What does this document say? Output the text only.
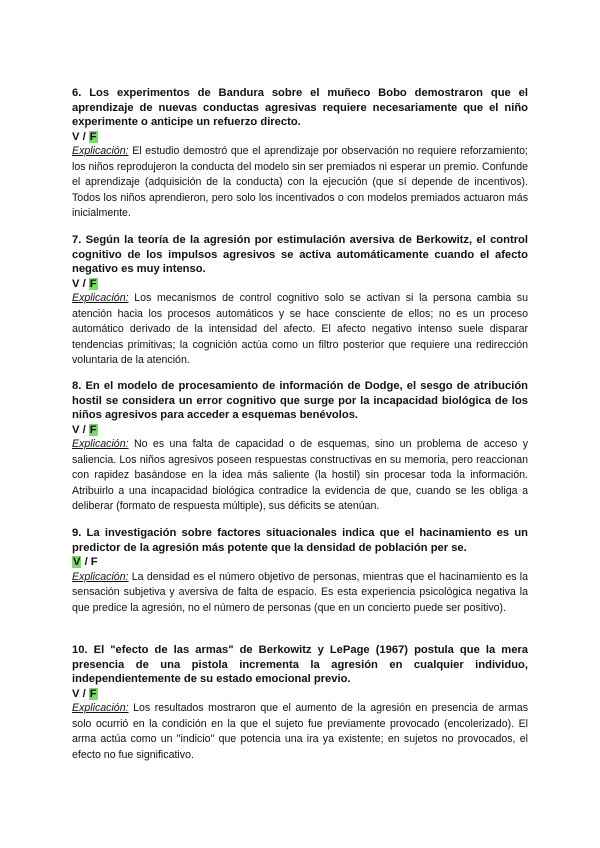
6. Los experimentos de Bandura sobre el muñeco Bobo demostraron que el aprendizaje de nuevas conductas agresivas requiere necesariamente que el niño experimente o anticipe un refuerzo directo.

V / F

Explicación: El estudio demostró que el aprendizaje por observación no requiere reforzamiento; los niños reprodujeron la conducta del modelo sin ser premiados ni esperar un premio. Confunde el aprendizaje (adquisición de la conducta) con la ejecución (que sí depende de incentivos). Todos los niños aprendieron, pero solo los incentivados o con modelos premiados actuaron más inicialmente.

7. Según la teoría de la agresión por estimulación aversiva de Berkowitz, el control cognitivo de los impulsos agresivos se activa automáticamente cuando el afecto negativo es muy intenso.

V / F

Explicación: Los mecanismos de control cognitivo solo se activan si la persona cambia su atención hacia los procesos automáticos y se hace consciente de ellos; no es un proceso automático derivado de la intensidad del afecto. El afecto negativo intenso suele disparar tendencias primitivas; la cognición actúa como un filtro posterior que requiere una redirección voluntaria de la atención.

8. En el modelo de procesamiento de información de Dodge, el sesgo de atribución hostil se considera un error cognitivo que surge por la incapacidad biológica de los niños agresivos para acceder a esquemas benévolos.

V / F

Explicación: No es una falta de capacidad o de esquemas, sino un problema de acceso y saliencia. Los niños agresivos poseen respuestas constructivas en su memoria, pero reaccionan con rapidez basándose en la idea más saliente (la hostil) sin procesar toda la información. Atribuirlo a una incapacidad biológica contradice la evidencia de que, cuando se les obliga a deliberar (formato de respuesta múltiple), sus déficits se atenúan.

9. La investigación sobre factores situacionales indica que el hacinamiento es un predictor de la agresión más potente que la densidad de población per se.

V / F

Explicación: La densidad es el número objetivo de personas, mientras que el hacinamiento es la sensación subjetiva y aversiva de falta de espacio. Es esta experiencia psicológica negativa la que predice la agresión, no el número de personas (que en un concierto puede ser positivo).

10. El "efecto de las armas" de Berkowitz y LePage (1967) postula que la mera presencia de una pistola incrementa la agresión en cualquier individuo, independientemente de su estado emocional previo.

V / F

Explicación: Los resultados mostraron que el aumento de la agresión en presencia de armas solo ocurrió en la condición en la que el sujeto fue previamente provocado (encolerizado). El arma actúa como un "indicio" que potencia una ira ya existente; en sujetos no provocados, el efecto no fue significativo.
